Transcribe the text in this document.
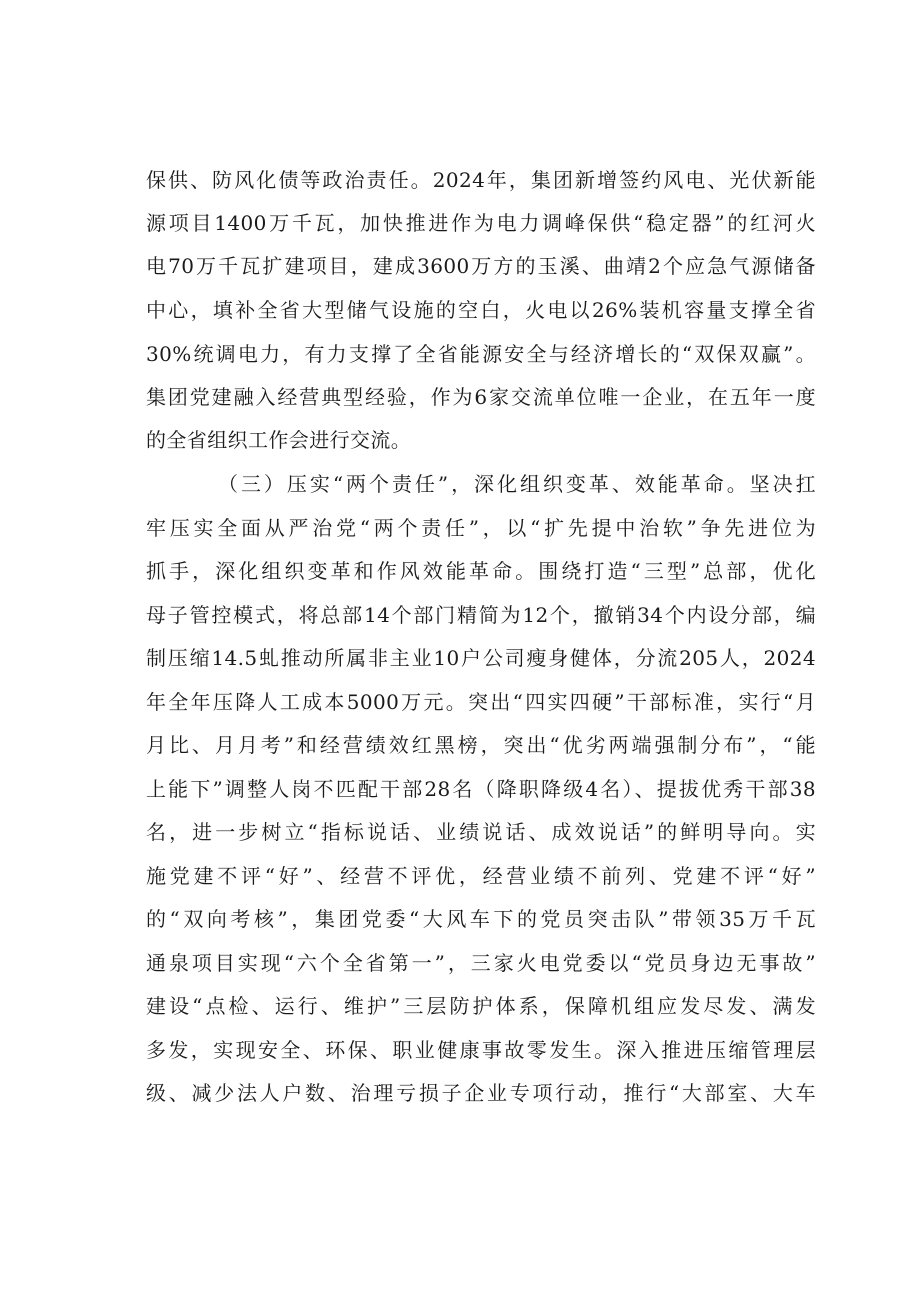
保供、防风化债等政治责任。2024年，集团新增签约风电、光伏新能
源项目1400万千瓦，加快推进作为电力调峰保供“稳定器”的红河火
电70万千瓦扩建项目，建成3600万方的玉溪、曲靖2个应急气源储备
中心，填补全省大型储气设施的空白，火电以26%装机容量支撑全省
30%统调电力，有力支撑了全省能源安全与经济增长的“双保双赢”。
集团党建融入经营典型经验，作为6家交流单位唯一企业，在五年一度
的全省组织工作会进行交流。
（三）压实“两个责任”，深化组织变革、效能革命。坚决扛
牢压实全面从严治党“两个责任”，以“扩先提中治软”争先进位为
抓手，深化组织变革和作风效能革命。围绕打造“三型”总部，优化
母子管控模式，将总部14个部门精简为12个，撤销34个内设分部，编
制压缩14.5虬推动所属非主业10户公司瘦身健体，分流205人，2024
年全年压降人工成本5000万元。突出“四实四硬”干部标准，实行“月
月比、月月考”和经营绩效红黑榜，突出“优劣两端强制分布”，“能
上能下”调整人岗不匹配干部28名（降职降级4名）、提拔优秀干部38
名，进一步树立“指标说话、业绩说话、成效说话”的鲜明导向。实
施党建不评“好”、经营不评优，经营业绩不前列、党建不评“好”
的“双向考核”，集团党委“大风车下的党员突击队”带领35万千瓦
通泉项目实现“六个全省第一”，三家火电党委以“党员身边无事故”
建设“点检、运行、维护”三层防护体系，保障机组应发尽发、满发
多发，实现安全、环保、职业健康事故零发生。深入推进压缩管理层
级、减少法人户数、治理亏损子企业专项行动，推行“大部室、大车
